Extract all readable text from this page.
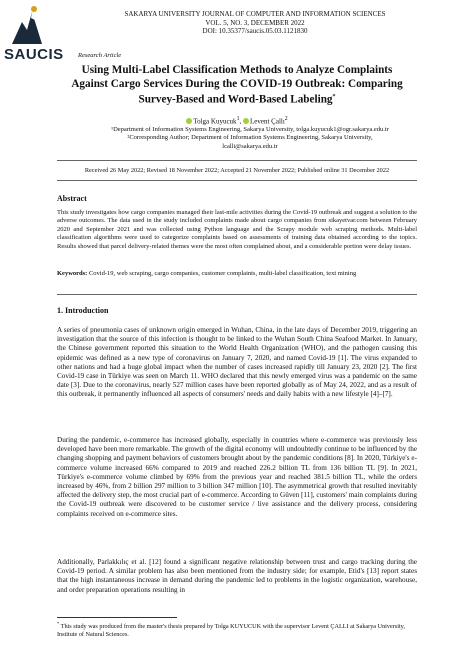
SAUCIS Research Article
SAKARYA UNIVERSITY JOURNAL OF COMPUTER AND INFORMATION SCIENCES
VOL. 5, NO. 3, DECEMBER 2022
DOI: 10.35377/saucis.05.03.1121830
Using Multi-Label Classification Methods to Analyze Complaints
Against Cargo Services During the COVID-19 Outbreak: Comparing
Survey-Based and Word-Based Labeling*
Tolga Kuyucuk$^1$, Levent Çallı$^2$
¹Department of Information Systems Engineering, Sakarya University, tolga.kuyucuk1@ogr.sakarya.edu.tr
²Corresponding Author; Department of Information Systems Engineering, Sakarya University,
lcalli@sakarya.edu.tr
Received 26 May 2022; Revised 18 November 2022; Accepted 21 November 2022; Published online 31 December 2022
Abstract
This study investigates how cargo companies managed their last-mile activities during the Covid-19 outbreak and suggest a solution to the adverse outcomes. The data used in the study included complaints made about cargo companies from sikayetvar.com between February 2020 and September 2021 and was collected using Python language and the Scrapy module web scraping methods. Multi-label classification algorithms were used to categorize complaints based on assessments of training data obtained according to the topics. Results showed that parcel delivery-related themes were the most often complained about, and a considerable portion were delay issues.
Keywords: Covid-19, web scraping, cargo companies, customer complaints, multi-label classification, text mining
1. Introduction
A series of pneumonia cases of unknown origin emerged in Wuhan, China, in the late days of December 2019, triggering an investigation that the source of this infection is thought to be linked to the Wuhan South China Seafood Market. In January, the Chinese government reported this situation to the World Health Organization (WHO), and the pathogen causing this epidemic was defined as a new type of coronavirus on January 7, 2020, and named Covid-19 [1]. The virus expanded to other nations and had a huge global impact when the number of cases increased rapidly till January 23, 2020 [2]. The first Covid-19 case in Türkiye was seen on March 11. WHO declared that this newly emerged virus was a pandemic on the same date [3]. Due to the coronavirus, nearly 527 million cases have been reported globally as of May 24, 2022, and as a result of this outbreak, it permanently influenced all aspects of consumers' needs and daily habits with a new lifestyle [4]–[7].
During the pandemic, e-commerce has increased globally, especially in countries where e-commerce was previously less developed have been more remarkable. The growth of the digital economy will undoubtedly continue to be influenced by the changing shopping and payment behaviors of customers brought about by the pandemic conditions [8]. In 2020, Türkiye's e-commerce volume increased 66% compared to 2019 and reached 226.2 billion TL from 136 billion TL [9]. In 2021, Türkiye's e-commerce volume climbed by 69% from the previous year and reached 381.5 billion TL, while the orders increased by 46%, from 2 billion 297 million to 3 billion 347 million [10]. The asymmetrical growth that resulted inevitably affected the delivery step, the most crucial part of e-commerce. According to Güven [11], customers' main complaints during the Covid-19 outbreak were discovered to be customer service / live assistance and the delivery process, considering complaints received on e-commerce sites.
Additionally, Parlakkılıç et al. [12] found a significant negative relationship between trust and cargo tracking during the Covid-19 period. A similar problem has also been mentioned from the industry side; for example, Etid's [13] report states that the high instantaneous increase in demand during the pandemic led to problems in the logistic organization, warehouse, and order preparation operations resulting in
* This study was produced from the master's thesis prepared by Tolga KUYUCUK with the supervisor Levent ÇALLI at Sakarya University, Institute of Natural Sciences.
